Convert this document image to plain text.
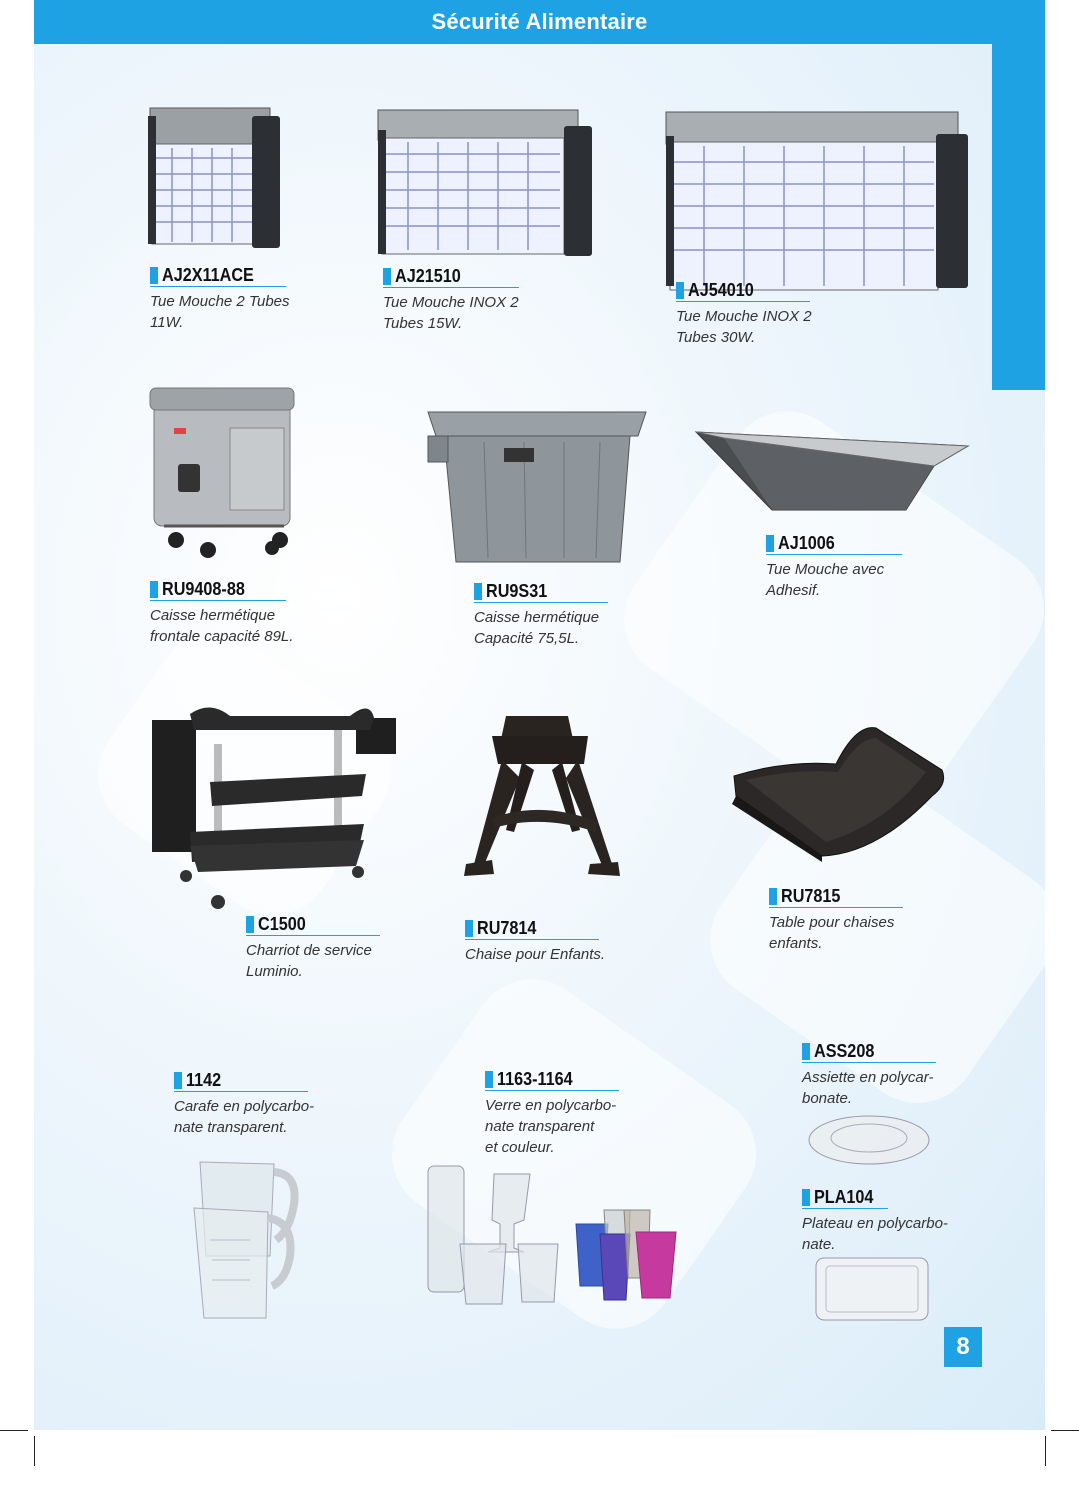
Sécurité Alimentaire
8
AJ2X11ACE
Tue Mouche 2 Tubes
11W.
AJ21510
Tue Mouche INOX 2
Tubes 15W.
AJ54010
Tue Mouche INOX 2
Tubes 30W.
RU9408-88
Caisse hermétique
frontale capacité 89L.
RU9S31
Caisse hermétique
Capacité 75,5L.
AJ1006
Tue Mouche avec
Adhesif.
C1500
Charriot de service
Luminio.
RU7814
Chaise pour Enfants.
RU7815
Table pour chaises
enfants.
1142
Carafe en polycarbo-
nate transparent.
1163-1164
Verre en polycarbo-
nate transparent
et couleur.
ASS208
Assiette en polycar-
bonate.
PLA104
Plateau en polycarbo-
nate.
